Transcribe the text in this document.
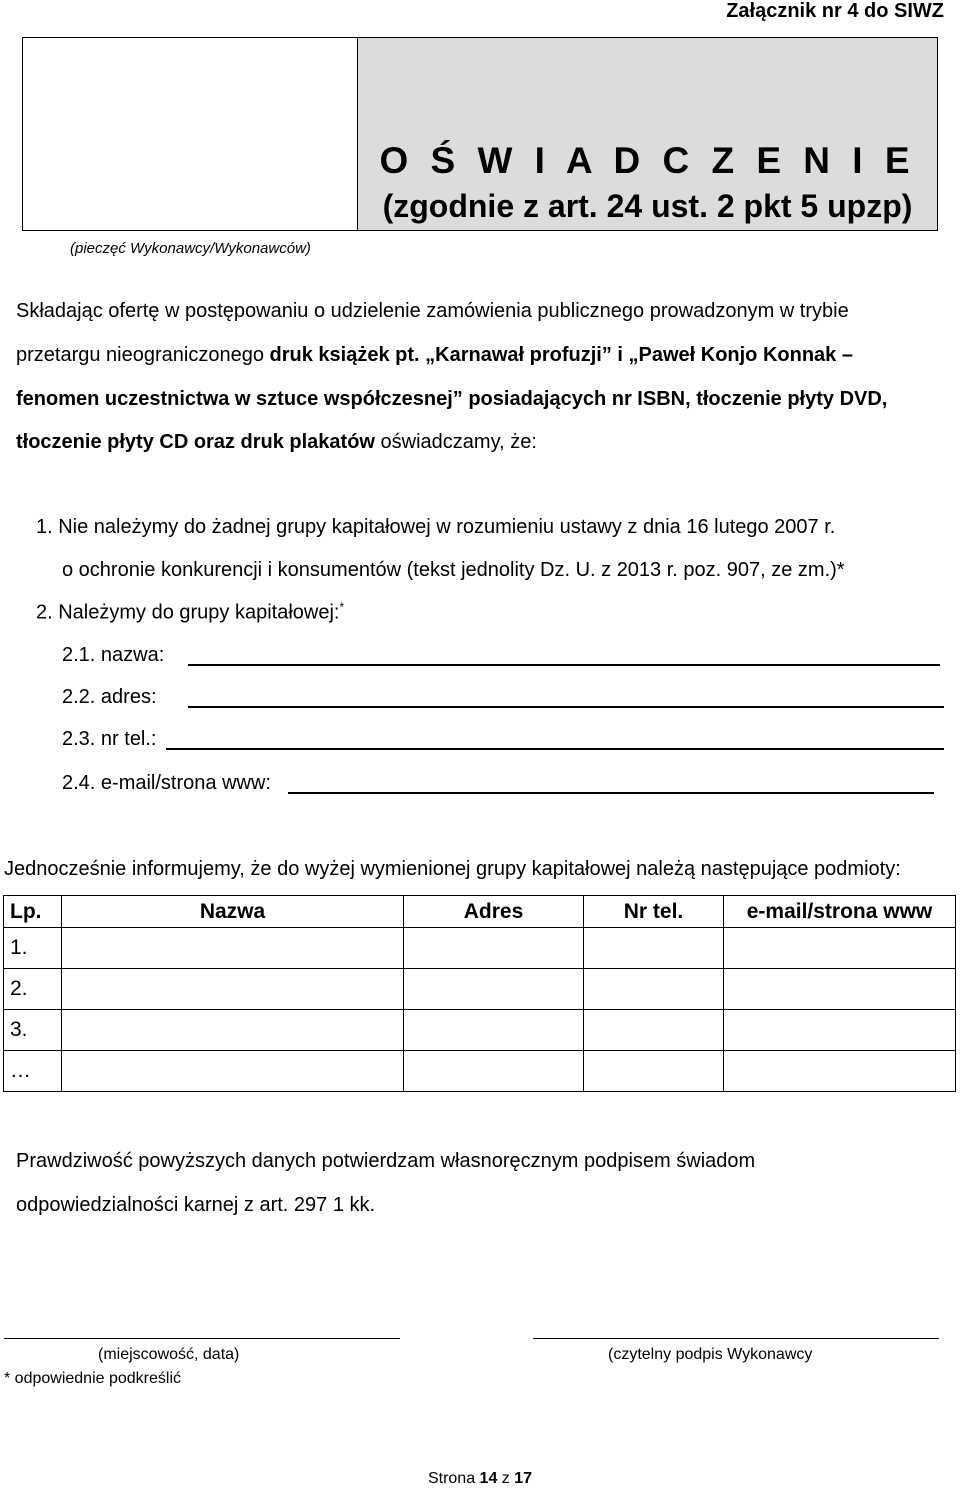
Załącznik nr 4 do SIWZ
O Ś W I A D C Z E N I E
(zgodnie z art. 24 ust. 2 pkt 5 upzp)
(pieczęć Wykonawcy/Wykonawców)
Składając ofertę w postępowaniu o udzielenie zamówienia publicznego prowadzonym w trybie
przetargu nieograniczonego druk książek pt. „Karnawał profuzji” i „Paweł Konjo Konnak –
fenomen uczestnictwa w sztuce współczesnej” posiadających nr ISBN, tłoczenie płyty DVD,
tłoczenie płyty CD oraz druk plakatów oświadczamy, że:
1. Nie należymy do żadnej grupy kapitałowej w rozumieniu ustawy z dnia 16 lutego 2007 r.
o ochronie konkurencji i konsumentów (tekst jednolity Dz. U. z 2013 r. poz. 907, ze zm.)*
2. Należymy do grupy kapitałowej:*
2.1. nazwa:
2.2. adres:
2.3. nr tel.:
2.4. e-mail/strona www:
Jednocześnie informujemy, że do wyżej wymienionej grupy kapitałowej należą następujące podmioty:
Lp.	Nazwa	Adres	Nr tel.	e-mail/strona www
1.				
2.				
3.				
…				
Prawdziwość powyższych danych potwierdzam własnoręcznym podpisem świadom
odpowiedzialności karnej z art. 297 1 kk.
(miejscowość, data)	(czytelny podpis Wykonawcy
* odpowiednie podkreślić
Strona 14 z 17
